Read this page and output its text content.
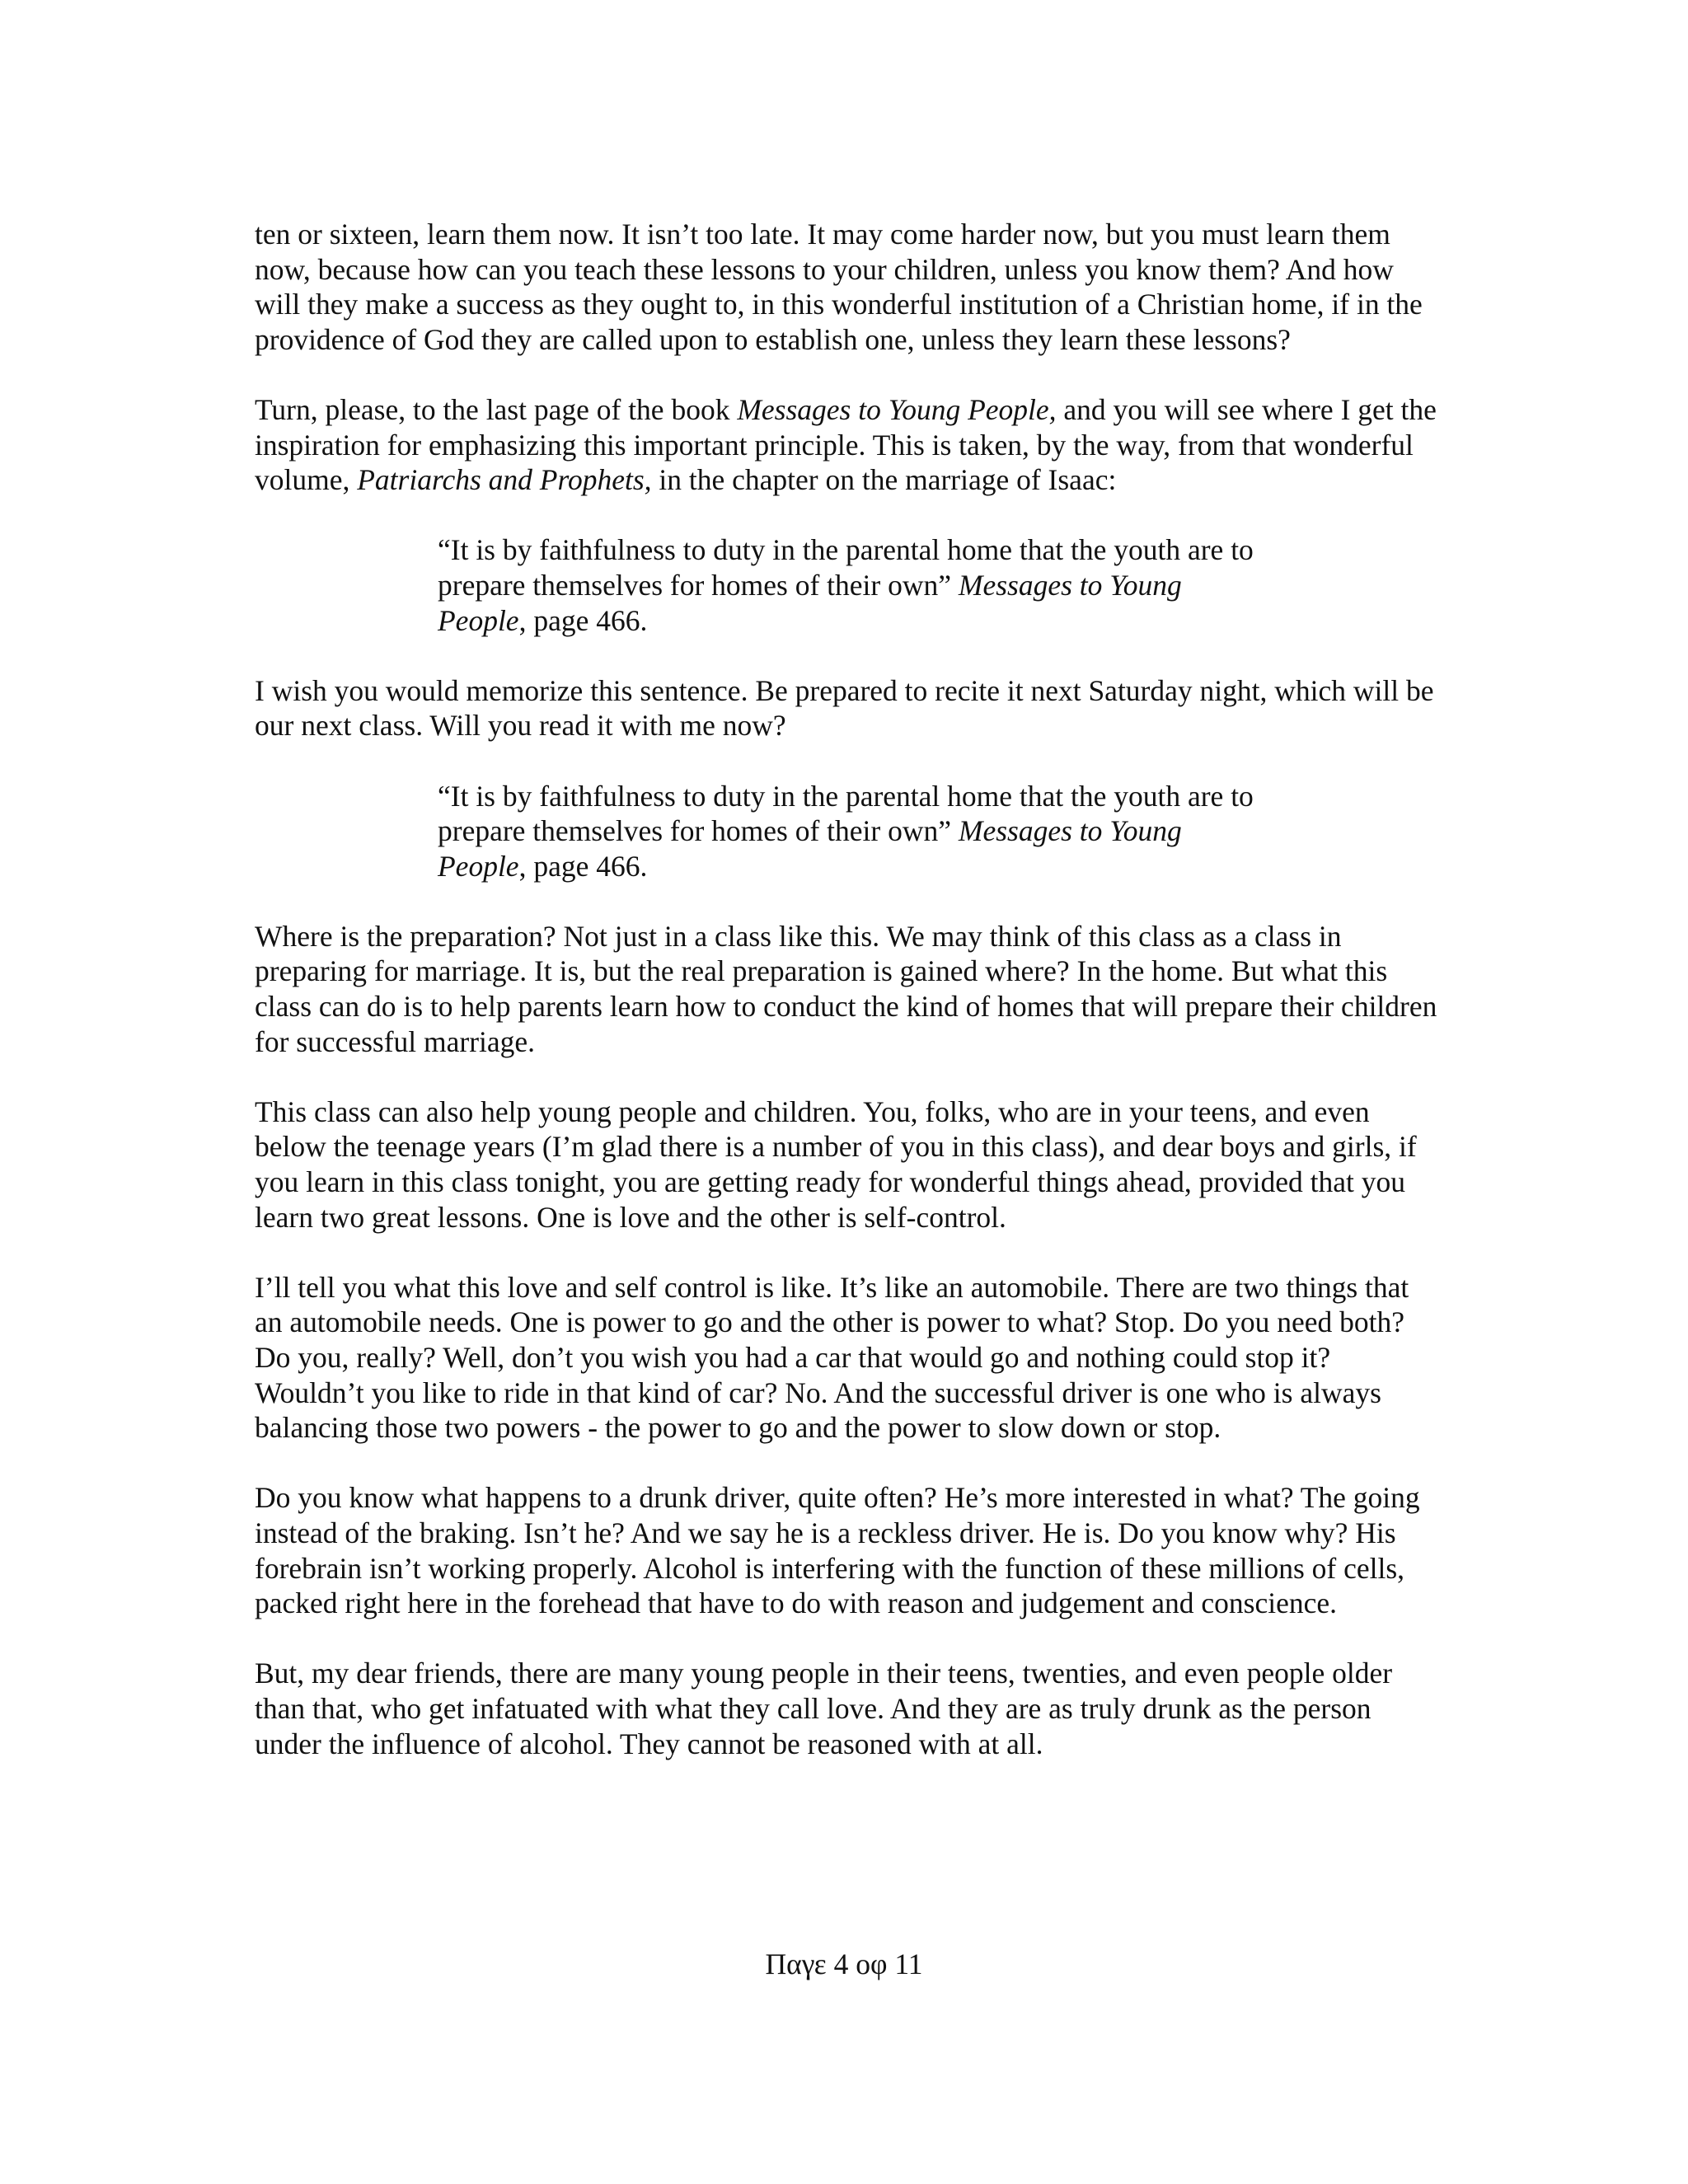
ten or sixteen, learn them now. It isn’t too late. It may come harder now, but you must learn them now, because how can you teach these lessons to your children, unless you know them? And how will they make a success as they ought to, in this wonderful institution of a Christian home, if in the providence of God they are called upon to establish one, unless they learn these lessons?

Turn, please, to the last page of the book Messages to Young People, and you will see where I get the inspiration for emphasizing this important principle. This is taken, by the way, from that wonderful volume, Patriarchs and Prophets, in the chapter on the marriage of Isaac:

“It is by faithfulness to duty in the parental home that the youth are to prepare themselves for homes of their own” Messages to Young People, page 466.

I wish you would memorize this sentence. Be prepared to recite it next Saturday night, which will be our next class. Will you read it with me now?

“It is by faithfulness to duty in the parental home that the youth are to prepare themselves for homes of their own” Messages to Young People, page 466.

Where is the preparation? Not just in a class like this. We may think of this class as a class in preparing for marriage. It is, but the real preparation is gained where? In the home. But what this class can do is to help parents learn how to conduct the kind of homes that will prepare their children for successful marriage.

This class can also help young people and children. You, folks, who are in your teens, and even below the teenage years (I’m glad there is a number of you in this class), and dear boys and girls, if you learn in this class tonight, you are getting ready for wonderful things ahead, provided that you learn two great lessons. One is love and the other is self-control.

I’ll tell you what this love and self control is like. It’s like an automobile. There are two things that an automobile needs. One is power to go and the other is power to what? Stop. Do you need both? Do you, really? Well, don’t you wish you had a car that would go and nothing could stop it? Wouldn’t you like to ride in that kind of car? No. And the successful driver is one who is always balancing those two powers - the power to go and the power to slow down or stop.

Do you know what happens to a drunk driver, quite often? He’s more interested in what? The going instead of the braking. Isn’t he? And we say he is a reckless driver. He is. Do you know why? His forebrain isn’t working properly. Alcohol is interfering with the function of these millions of cells, packed right here in the forehead that have to do with reason and judgement and conscience.

But, my dear friends, there are many young people in their teens, twenties, and even people older than that, who get infatuated with what they call love. And they are as truly drunk as the person under the influence of alcohol. They cannot be reasoned with at all.

Παγε 4 οφ 11
